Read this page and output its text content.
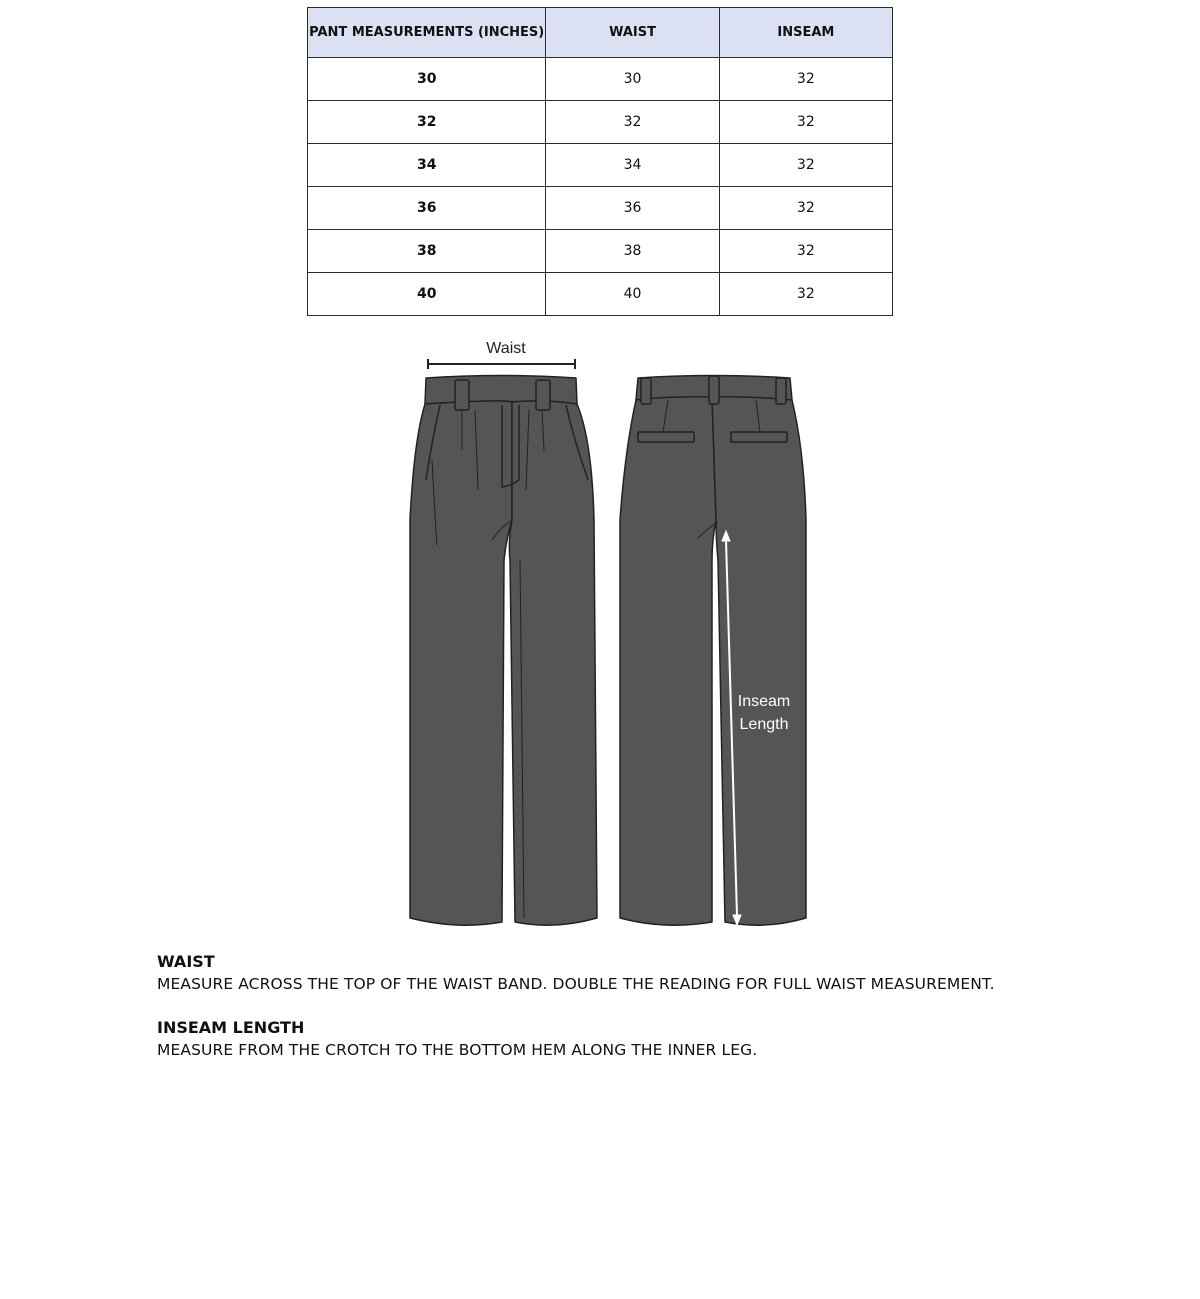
PANT MEASUREMENTS (INCHES)	WAIST	INSEAM
30	30	32
32	32	32
34	34	32
36	36	32
38	38	32
40	40	32
Waist
Inseam
Length
WAIST
MEASURE ACROSS THE TOP OF THE WAIST BAND. DOUBLE THE READING FOR FULL WAIST MEASUREMENT.
INSEAM LENGTH
MEASURE FROM THE CROTCH TO THE BOTTOM HEM ALONG THE INNER LEG.
